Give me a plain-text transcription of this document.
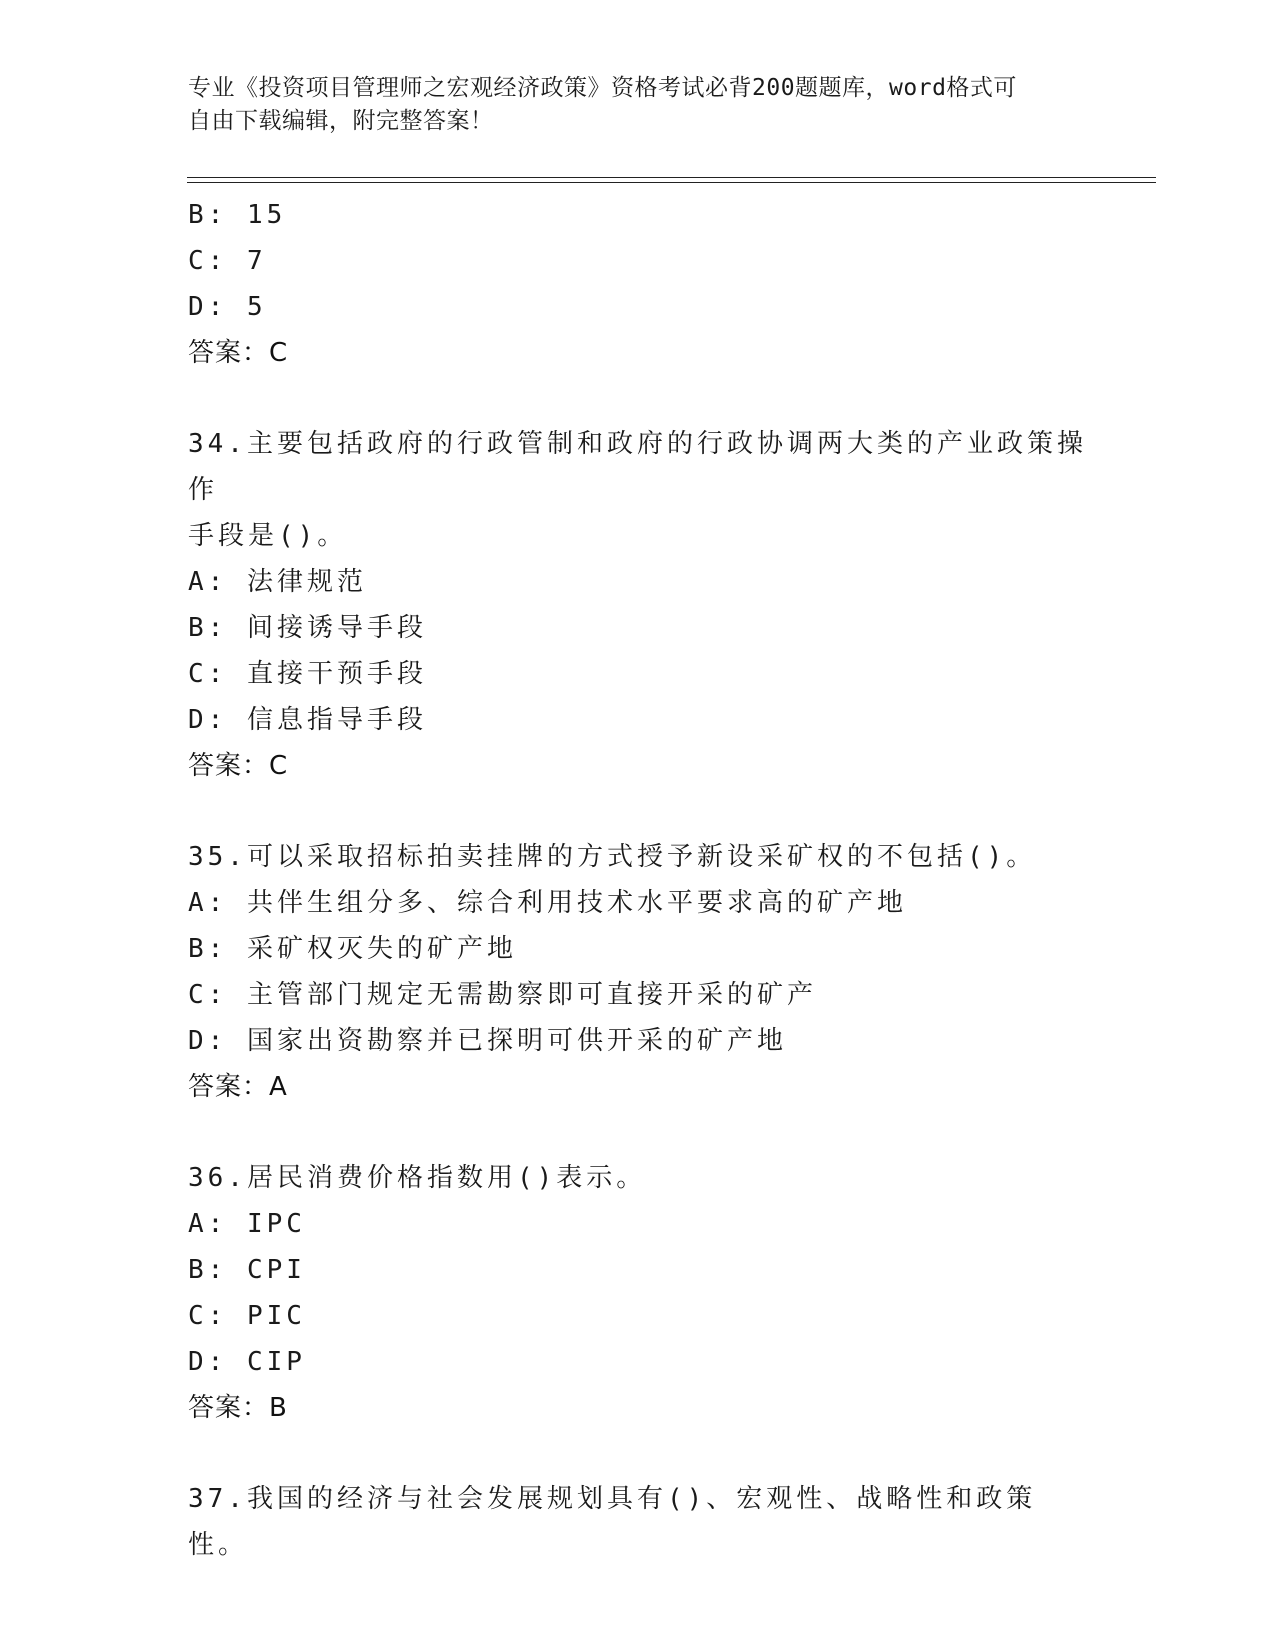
专业《投资项目管理师之宏观经济政策》资格考试必背200题题库，word格式可
自由下载编辑，附完整答案！
B: 15
C: 7
D: 5
答案：C
34.主要包括政府的行政管制和政府的行政协调两大类的产业政策操作
手段是()。
A: 法律规范
B: 间接诱导手段
C: 直接干预手段
D: 信息指导手段
答案：C
35.可以采取招标拍卖挂牌的方式授予新设采矿权的不包括()。
A: 共伴生组分多、综合利用技术水平要求高的矿产地
B: 采矿权灭失的矿产地
C: 主管部门规定无需勘察即可直接开采的矿产
D: 国家出资勘察并已探明可供开采的矿产地
答案：A
36.居民消费价格指数用()表示。
A: IPC
B: CPI
C: PIC
D: CIP
答案：B
37.我国的经济与社会发展规划具有()、宏观性、战略性和政策性。
